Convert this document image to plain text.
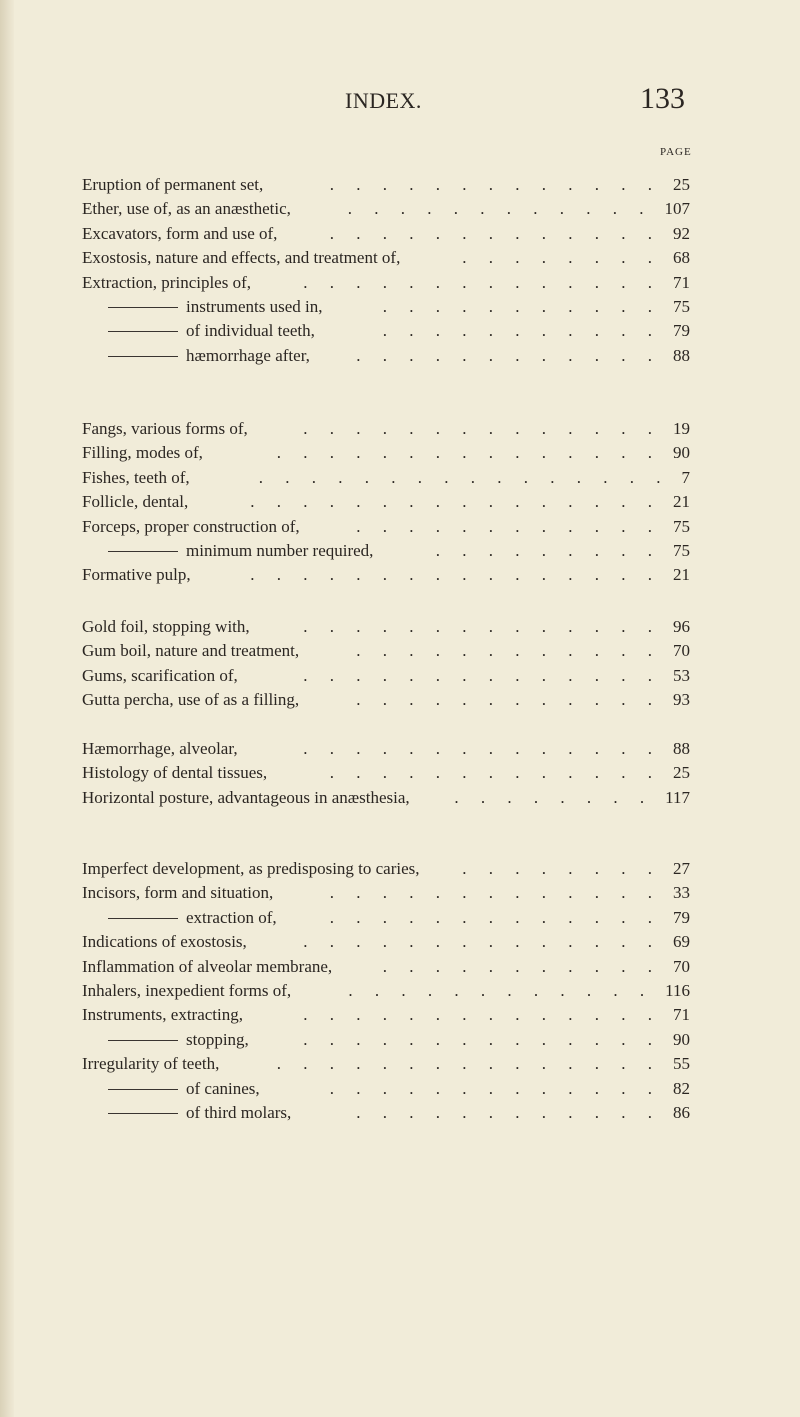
INDEX.	133
PAGE
Eruption of permanent set,	25
. . . . . . . . . . . . .
Ether, use of, as an anæsthetic,	107
. . . . . . . . . . . .
Excavators, form and use of,	92
. . . . . . . . . . . . .
Exostosis, nature and effects, and treatment of,	68
. . . . . . . .
Extraction, principles of,	71
. . . . . . . . . . . . . .
instruments used in,	75
. . . . . . . . . . .
of individual teeth,	79
. . . . . . . . . . .
hæmorrhage after,	88
. . . . . . . . . . . .
Fangs, various forms of,	19
. . . . . . . . . . . . . .
Filling, modes of,	90
. . . . . . . . . . . . . . .
Fishes, teeth of,	7
. . . . . . . . . . . . . . . .
Follicle, dental,	21
. . . . . . . . . . . . . . . .
Forceps, proper construction of,	75
. . . . . . . . . . . .
minimum number required,	75
. . . . . . . . .
Formative pulp,	21
. . . . . . . . . . . . . . . .
Gold foil, stopping with,	96
. . . . . . . . . . . . . .
Gum boil, nature and treatment,	70
. . . . . . . . . . . .
Gums, scarification of,	53
. . . . . . . . . . . . . .
Gutta percha, use of as a filling,	93
. . . . . . . . . . . .
Hæmorrhage, alveolar,	88
. . . . . . . . . . . . . .
Histology of dental tissues,	25
. . . . . . . . . . . . .
Horizontal posture, advantageous in anæsthesia,	117
. . . . . . . .
Imperfect development, as predisposing to caries,	27
. . . . . . . .
Incisors, form and situation,	33
. . . . . . . . . . . . .
extraction of,	79
. . . . . . . . . . . . .
Indications of exostosis,	69
. . . . . . . . . . . . . .
Inflammation of alveolar membrane,	70
. . . . . . . . . . .
Inhalers, inexpedient forms of,	116
. . . . . . . . . . . .
Instruments, extracting,	71
. . . . . . . . . . . . . .
stopping,	90
. . . . . . . . . . . . . .
Irregularity of teeth,	55
. . . . . . . . . . . . . . .
of canines,	82
. . . . . . . . . . . . .
of third molars,	86
. . . . . . . . . . . .
